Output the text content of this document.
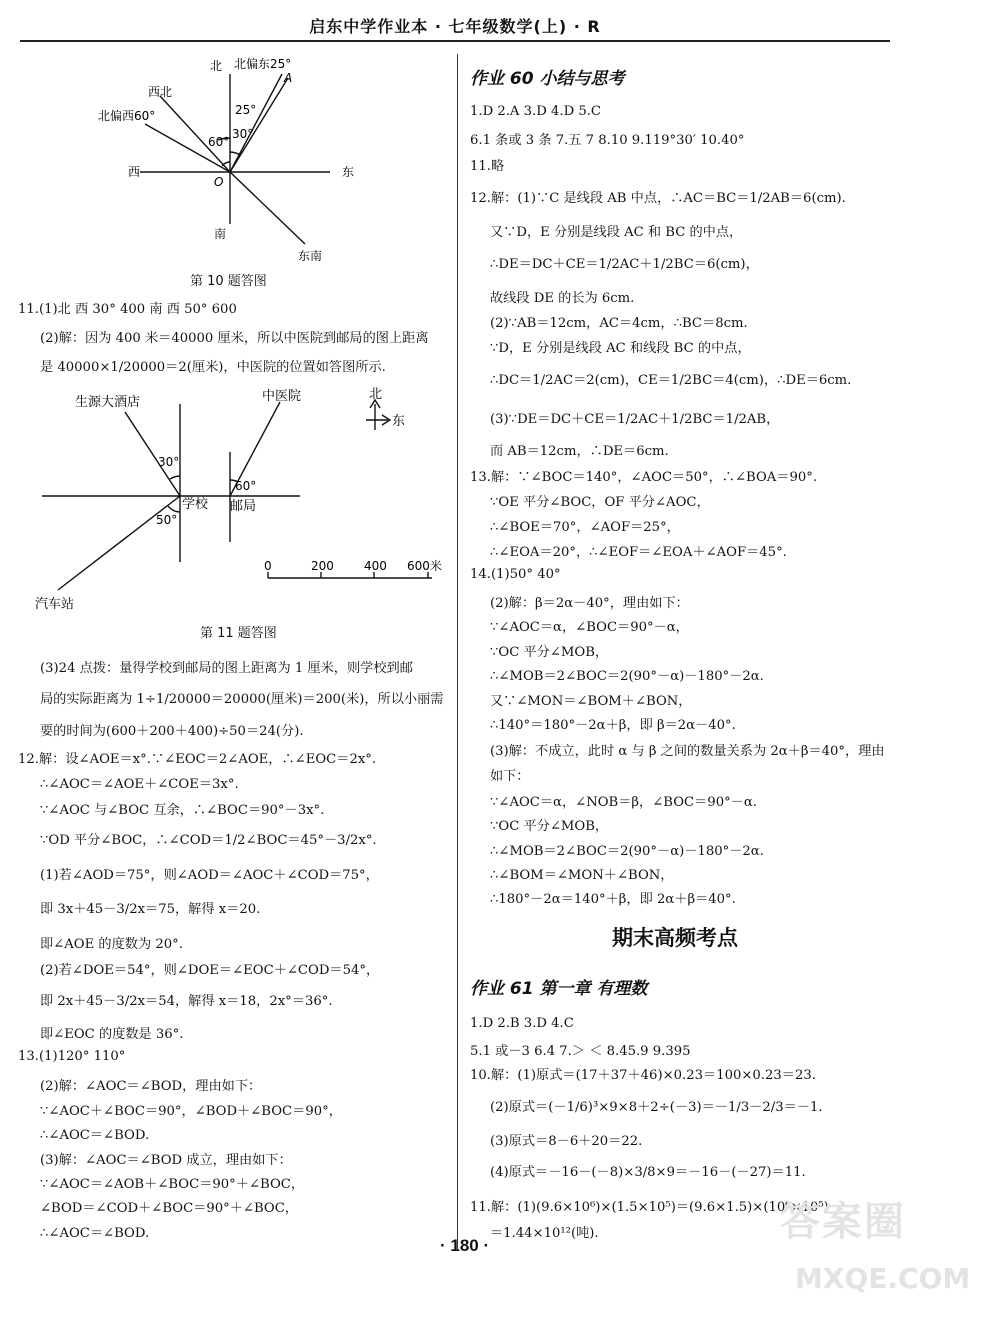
启东中学作业本 · 七年级数学(上) · R
北 北偏东25°
A
25°
西北
北偏西60°
60°
30°
西
O
东
南
东南
第 10 题答图
11.(1)北 西 30° 400 南 西 50° 600
(2)解：因为 400 米＝40000 厘米，所以中医院到邮局的图上距离
是 40000×1/20000＝2(厘米)，中医院的位置如答图所示.
生源大酒店	中医院	北
东
30°
60°
学校 邮局
50°
汽车站
0	200	400 600米
第 11 题答图
(3)24 点拨：量得学校到邮局的图上距离为 1 厘米，则学校到邮
局的实际距离为 1÷1/20000＝20000(厘米)＝200(米)，所以小丽需
要的时间为(600＋200＋400)÷50＝24(分).
12.解：设∠AOE＝x°.∵∠EOC＝2∠AOE，∴∠EOC＝2x°.
∴∠AOC＝∠AOE＋∠COE＝3x°.
∵∠AOC 与∠BOC 互余，∴∠BOC＝90°－3x°.
∵OD 平分∠BOC，∴∠COD＝1/2∠BOC＝45°－3/2x°.
(1)若∠AOD＝75°，则∠AOD＝∠AOC＋∠COD＝75°，
即 3x＋45－3/2x＝75，解得 x＝20.
即∠AOE 的度数为 20°.
(2)若∠DOE＝54°，则∠DOE＝∠EOC＋∠COD＝54°，
即 2x＋45－3/2x＝54，解得 x＝18，2x°＝36°.
即∠EOC 的度数是 36°.
13.(1)120° 110°
(2)解：∠AOC＝∠BOD，理由如下：
∵∠AOC＋∠BOC＝90°，∠BOD＋∠BOC＝90°，
∴∠AOC＝∠BOD.
(3)解：∠AOC＝∠BOD 成立，理由如下：
∵∠AOC＝∠AOB＋∠BOC＝90°＋∠BOC，
∠BOD＝∠COD＋∠BOC＝90°＋∠BOC，
∴∠AOC＝∠BOD.
作业 60 小结与思考
1.D 2.A 3.D 4.D 5.C
6.1 条或 3 条 7.五 7 8.10 9.119°30′ 10.40°
11.略
12.解：(1)∵C 是线段 AB 中点，∴AC＝BC＝1/2AB＝6(cm).
又∵D，E 分别是线段 AC 和 BC 的中点，
∴DE＝DC＋CE＝1/2AC＋1/2BC＝6(cm)，
故线段 DE 的长为 6cm.
(2)∵AB＝12cm，AC＝4cm，∴BC＝8cm.
∵D，E 分别是线段 AC 和线段 BC 的中点，
∴DC＝1/2AC＝2(cm)，CE＝1/2BC＝4(cm)，∴DE＝6cm.
(3)∵DE＝DC＋CE＝1/2AC＋1/2BC＝1/2AB，
而 AB＝12cm，∴DE＝6cm.
13.解：∵∠BOC＝140°，∠AOC＝50°，∴∠BOA＝90°.
∵OE 平分∠BOC，OF 平分∠AOC，
∴∠BOE＝70°，∠AOF＝25°，
∴∠EOA＝20°，∴∠EOF＝∠EOA＋∠AOF＝45°.
14.(1)50° 40°
(2)解：β＝2α－40°，理由如下：
∵∠AOC＝α，∠BOC＝90°－α，
∵OC 平分∠MOB，
∴∠MOB＝2∠BOC＝2(90°－α)－180°－2α.
又∵∠MON＝∠BOM＋∠BON，
∴140°＝180°－2α＋β，即 β＝2α－40°.
(3)解：不成立，此时 α 与 β 之间的数量关系为 2α＋β＝40°，理由
如下：
∵∠AOC＝α，∠NOB＝β，∠BOC＝90°－α.
∵OC 平分∠MOB，
∴∠MOB＝2∠BOC＝2(90°－α)－180°－2α.
∴∠BOM＝∠MON＋∠BON，
∴180°－2α＝140°＋β，即 2α＋β＝40°.
期末高频考点
作业 61 第一章 有理数
1.D 2.B 3.D 4.C
5.1 或－3 6.4 7.＞ ＜ 8.45.9 9.395
10.解：(1)原式＝(17＋37＋46)×0.23＝100×0.23＝23.
(2)原式＝(－1/6)³×9×8＋2÷(－3)＝－1/3－2/3＝－1.
(3)原式＝8－6＋20＝22.
(4)原式＝－16－(－8)×3/8×9＝－16－(－27)＝11.
11.解：(1)(9.6×10⁶)×(1.5×10⁵)＝(9.6×1.5)×(10⁶×10⁵)
＝1.44×10¹²(吨).
· 180 ·
答案圈
MXQE.COM
